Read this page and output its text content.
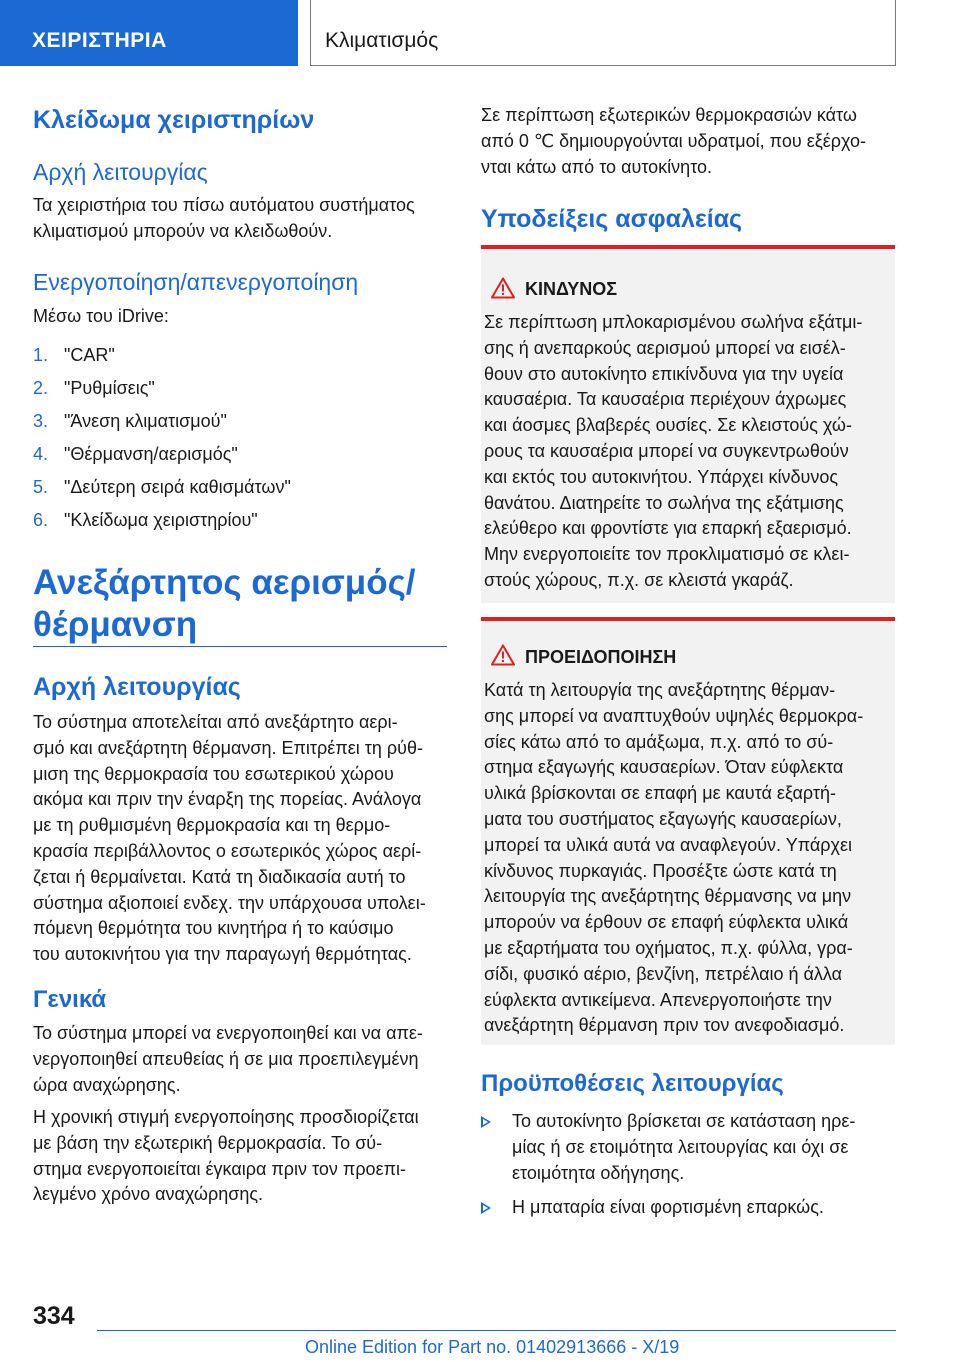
ΧΕΙΡΙΣΤΗΡΙΑ	Κλιματισμός
Κλείδωμα χειριστηρίων
Αρχή λειτουργίας
Τα χειριστήρια του πίσω αυτόματου συστήματος
κλιματισμού μπορούν να κλειδωθούν.
Ενεργοποίηση/απενεργοποίηση
Μέσω του iDrive:
1. "CAR"
2. "Ρυθμίσεις"
3. "Άνεση κλιματισμού"
4. "Θέρμανση/αερισμός"
5. "Δεύτερη σειρά καθισμάτων"
6. "Κλείδωμα χειριστηρίου"
Ανεξάρτητος αερισμός/
θέρμανση
Αρχή λειτουργίας
Το σύστημα αποτελείται από ανεξάρτητο αερι-
σμό και ανεξάρτητη θέρμανση. Επιτρέπει τη ρύθ-
μιση της θερμοκρασία του εσωτερικού χώρου
ακόμα και πριν την έναρξη της πορείας. Ανάλογα
με τη ρυθμισμένη θερμοκρασία και τη θερμο-
κρασία περιβάλλοντος ο εσωτερικός χώρος αερί-
ζεται ή θερμαίνεται. Κατά τη διαδικασία αυτή το
σύστημα αξιοποιεί ενδεχ. την υπάρχουσα υπολει-
πόμενη θερμότητα του κινητήρα ή το καύσιμο
του αυτοκινήτου για την παραγωγή θερμότητας.
Γενικά
Το σύστημα μπορεί να ενεργοποιηθεί και να απε-
νεργοποιηθεί απευθείας ή σε μια προεπιλεγμένη
ώρα αναχώρησης.
Η χρονική στιγμή ενεργοποίησης προσδιορίζεται
με βάση την εξωτερική θερμοκρασία. Το σύ-
στημα ενεργοποιείται έγκαιρα πριν τον προεπι-
λεγμένο χρόνο αναχώρησης.
Σε περίπτωση εξωτερικών θερμοκρασιών κάτω
από 0 ℃ δημιουργούνται υδρατμοί, που εξέρχο-
νται κάτω από το αυτοκίνητο.
Υποδείξεις ασφαλείας
Προϋποθέσεις λειτουργίας
Το αυτοκίνητο βρίσκεται σε κατάσταση ηρε-
μίας ή σε ετοιμότητα λειτουργίας και όχι σε
ετοιμότητα οδήγησης.
Η μπαταρία είναι φορτισμένη επαρκώς.
ΚΙΝΔΥΝΟΣ
Σε περίπτωση μπλοκαρισμένου σωλήνα εξάτμι-
σης ή ανεπαρκούς αερισμού μπορεί να εισέλ-
θουν στο αυτοκίνητο επικίνδυνα για την υγεία
καυσαέρια. Τα καυσαέρια περιέχουν άχρωμες
και άοσμες βλαβερές ουσίες. Σε κλειστούς χώ-
ρους τα καυσαέρια μπορεί να συγκεντρωθούν
και εκτός του αυτοκινήτου. Υπάρχει κίνδυνος
θανάτου. Διατηρείτε το σωλήνα της εξάτμισης
ελεύθερο και φροντίστε για επαρκή εξαερισμό.
Μην ενεργοποιείτε τον προκλιματισμό σε κλει-
στούς χώρους, π.χ. σε κλειστά γκαράζ.
ΠΡΟΕΙΔΟΠΟΙΗΣΗ
Κατά τη λειτουργία της ανεξάρτητης θέρμαν-
σης μπορεί να αναπτυχθούν υψηλές θερμοκρα-
σίες κάτω από το αμάξωμα, π.χ. από το σύ-
στημα εξαγωγής καυσαερίων. Όταν εύφλεκτα
υλικά βρίσκονται σε επαφή με καυτά εξαρτή-
ματα του συστήματος εξαγωγής καυσαερίων,
μπορεί τα υλικά αυτά να αναφλεγούν. Υπάρχει
κίνδυνος πυρκαγιάς. Προσέξτε ώστε κατά τη
λειτουργία της ανεξάρτητης θέρμανσης να μην
μπορούν να έρθουν σε επαφή εύφλεκτα υλικά
με εξαρτήματα του οχήματος, π.χ. φύλλα, γρα-
σίδι, φυσικό αέριο, βενζίνη, πετρέλαιο ή άλλα
εύφλεκτα αντικείμενα. Απενεργοποιήστε την
ανεξάρτητη θέρμανση πριν τον ανεφοδιασμό.
334
Online Edition for Part no. 01402913666 - X/19
